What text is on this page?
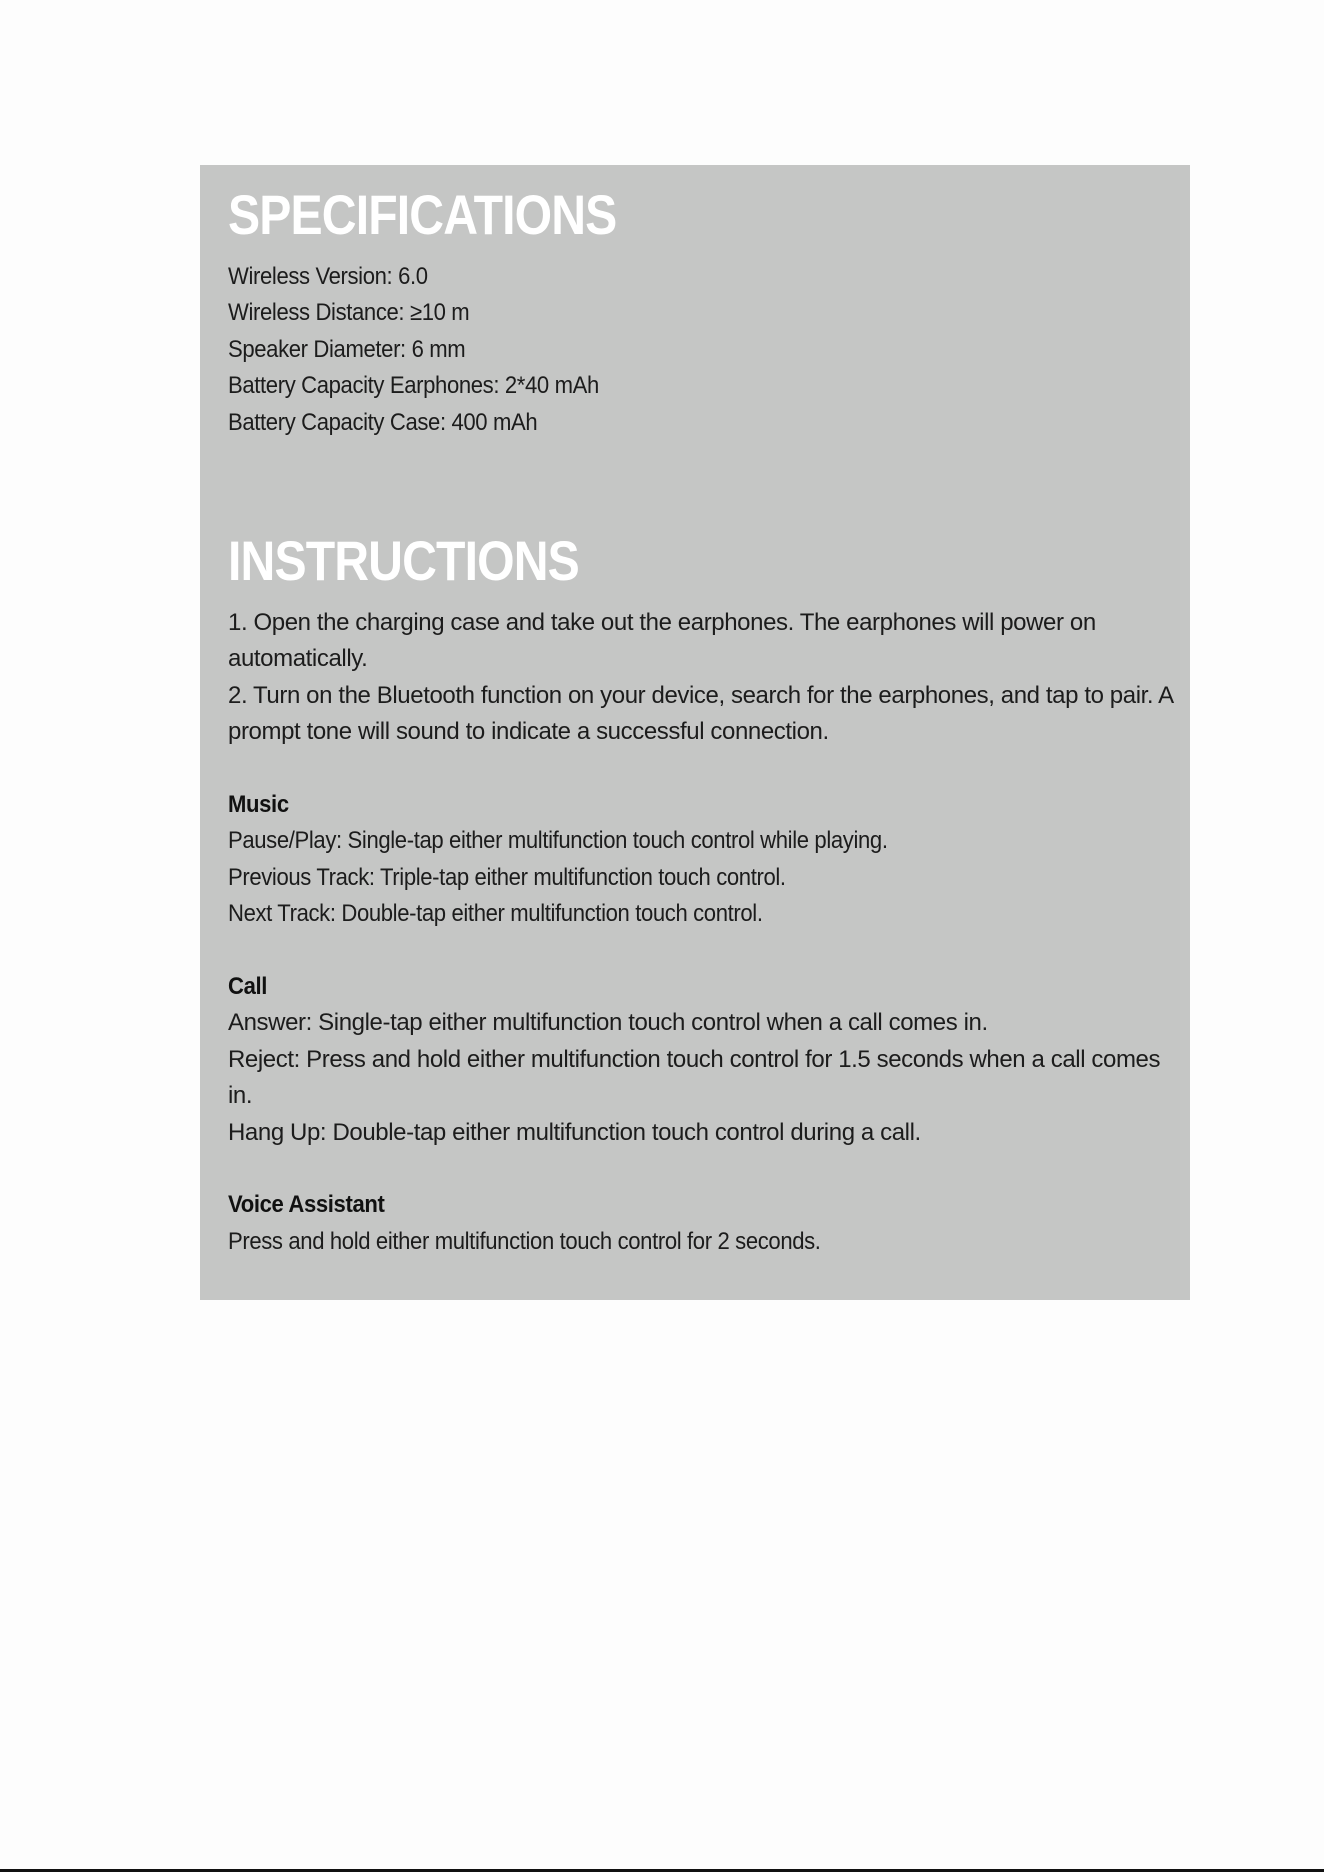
SPECIFICATIONS
Wireless Version: 6.0
Wireless Distance: ≥10 m
Speaker Diameter: 6 mm
Battery Capacity Earphones: 2*40 mAh
Battery Capacity Case: 400 mAh
INSTRUCTIONS
1. Open the charging case and take out the earphones. The earphones will power on automatically.
2. Turn on the Bluetooth function on your device, search for the earphones, and tap to pair. A prompt tone will sound to indicate a successful connection.
Music
Pause/Play: Single-tap either multifunction touch control while playing.
Previous Track: Triple-tap either multifunction touch control.
Next Track: Double-tap either multifunction touch control.
Call
Answer: Single-tap either multifunction touch control when a call comes in.
Reject: Press and hold either multifunction touch control for 1.5 seconds when a call comes in.
Hang Up: Double-tap either multifunction touch control during a call.
Voice Assistant
Press and hold either multifunction touch control for 2 seconds.
